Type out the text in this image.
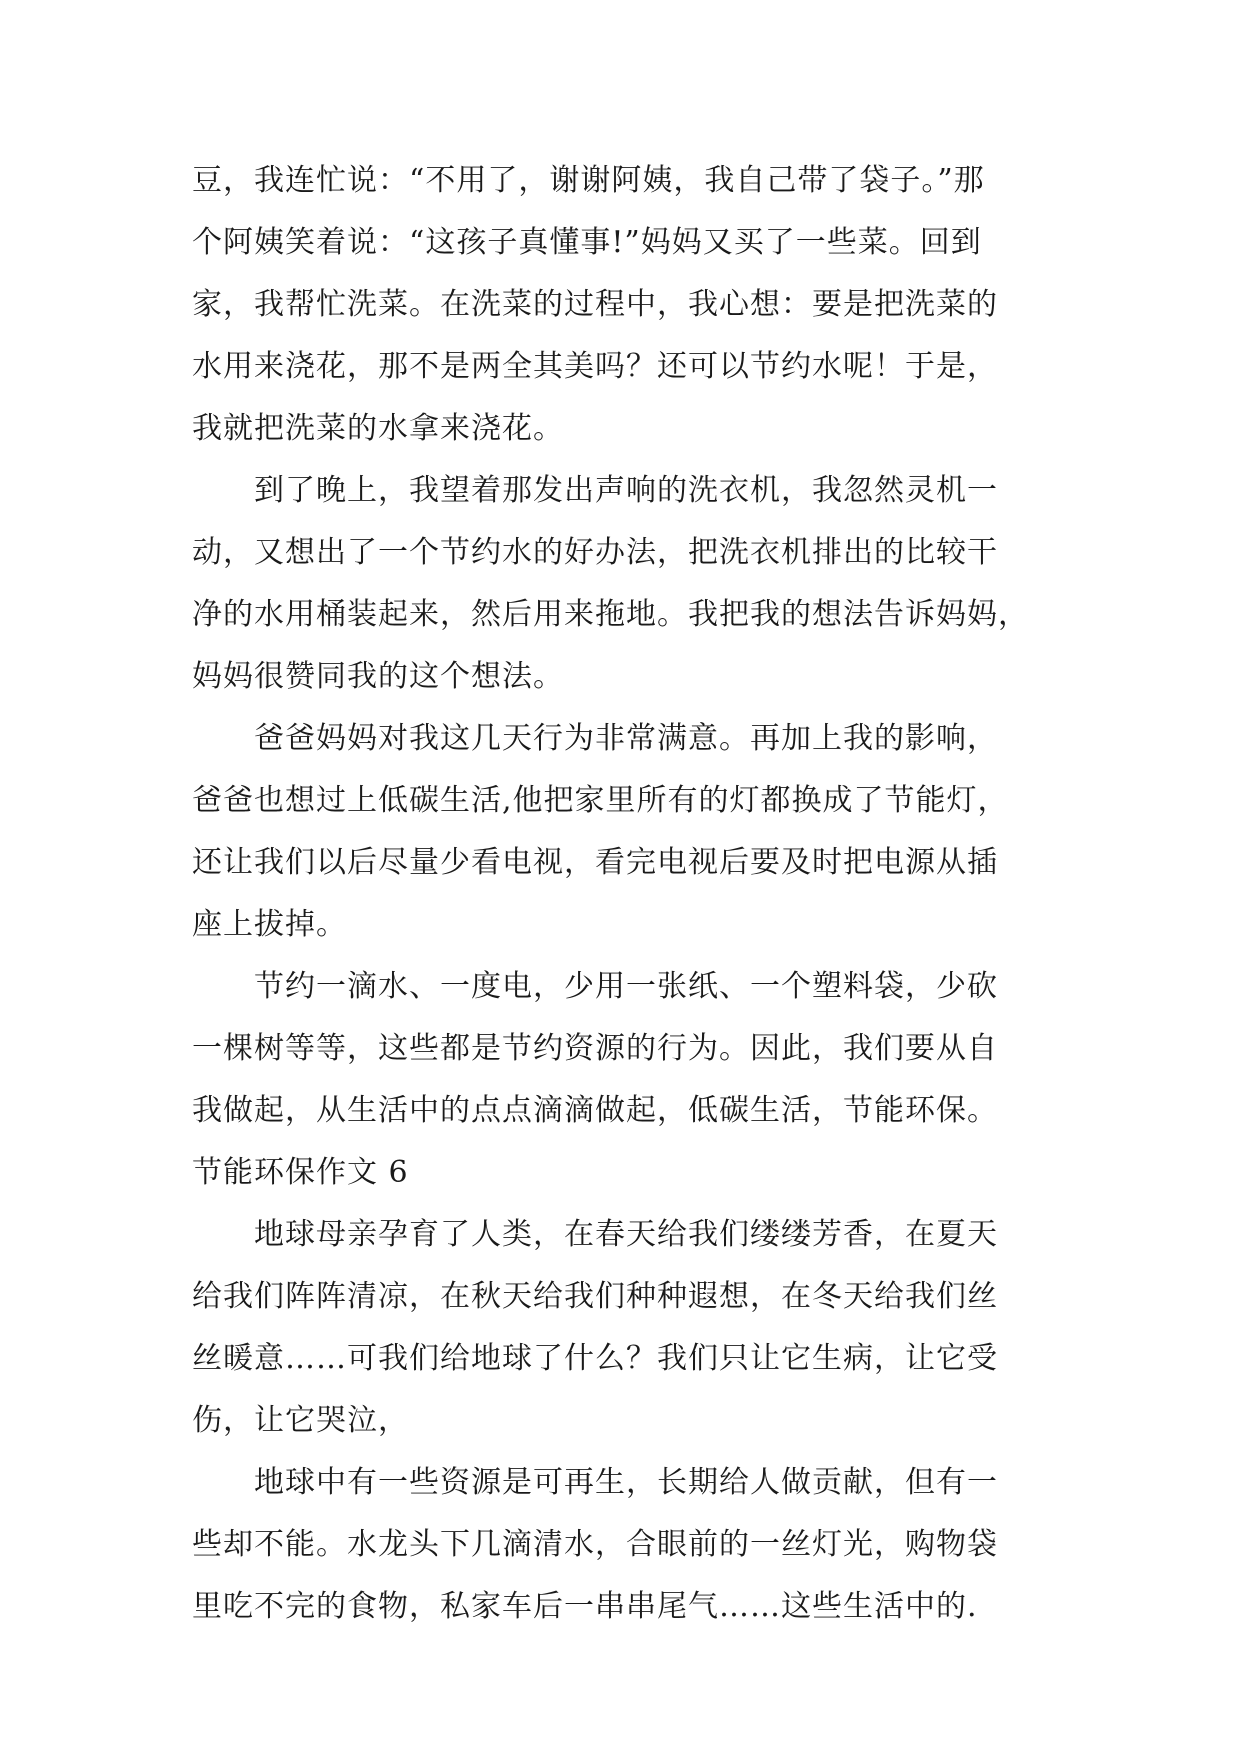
豆，我连忙说：“不用了，谢谢阿姨，我自己带了袋子。”那
个阿姨笑着说：“这孩子真懂事!”妈妈又买了一些菜。回到
家，我帮忙洗菜。在洗菜的过程中，我心想：要是把洗菜的
水用来浇花，那不是两全其美吗？还可以节约水呢！于是，
我就把洗菜的水拿来浇花。
到了晚上，我望着那发出声响的洗衣机，我忽然灵机一
动，又想出了一个节约水的好办法，把洗衣机排出的比较干
净的水用桶装起来，然后用来拖地。我把我的想法告诉妈妈，
妈妈很赞同我的这个想法。
爸爸妈妈对我这几天行为非常满意。再加上我的影响，
爸爸也想过上低碳生活,他把家里所有的灯都换成了节能灯，
还让我们以后尽量少看电视，看完电视后要及时把电源从插
座上拔掉。
节约一滴水、一度电，少用一张纸、一个塑料袋，少砍
一棵树等等，这些都是节约资源的行为。因此，我们要从自
我做起，从生活中的点点滴滴做起，低碳生活，节能环保。
节能环保作文 6
地球母亲孕育了人类，在春天给我们缕缕芳香，在夏天
给我们阵阵清凉，在秋天给我们种种遐想，在冬天给我们丝
丝暖意……可我们给地球了什么？我们只让它生病，让它受
伤，让它哭泣，
地球中有一些资源是可再生，长期给人做贡献，但有一
些却不能。水龙头下几滴清水，合眼前的一丝灯光，购物袋
里吃不完的食物，私家车后一串串尾气……这些生活中的.
